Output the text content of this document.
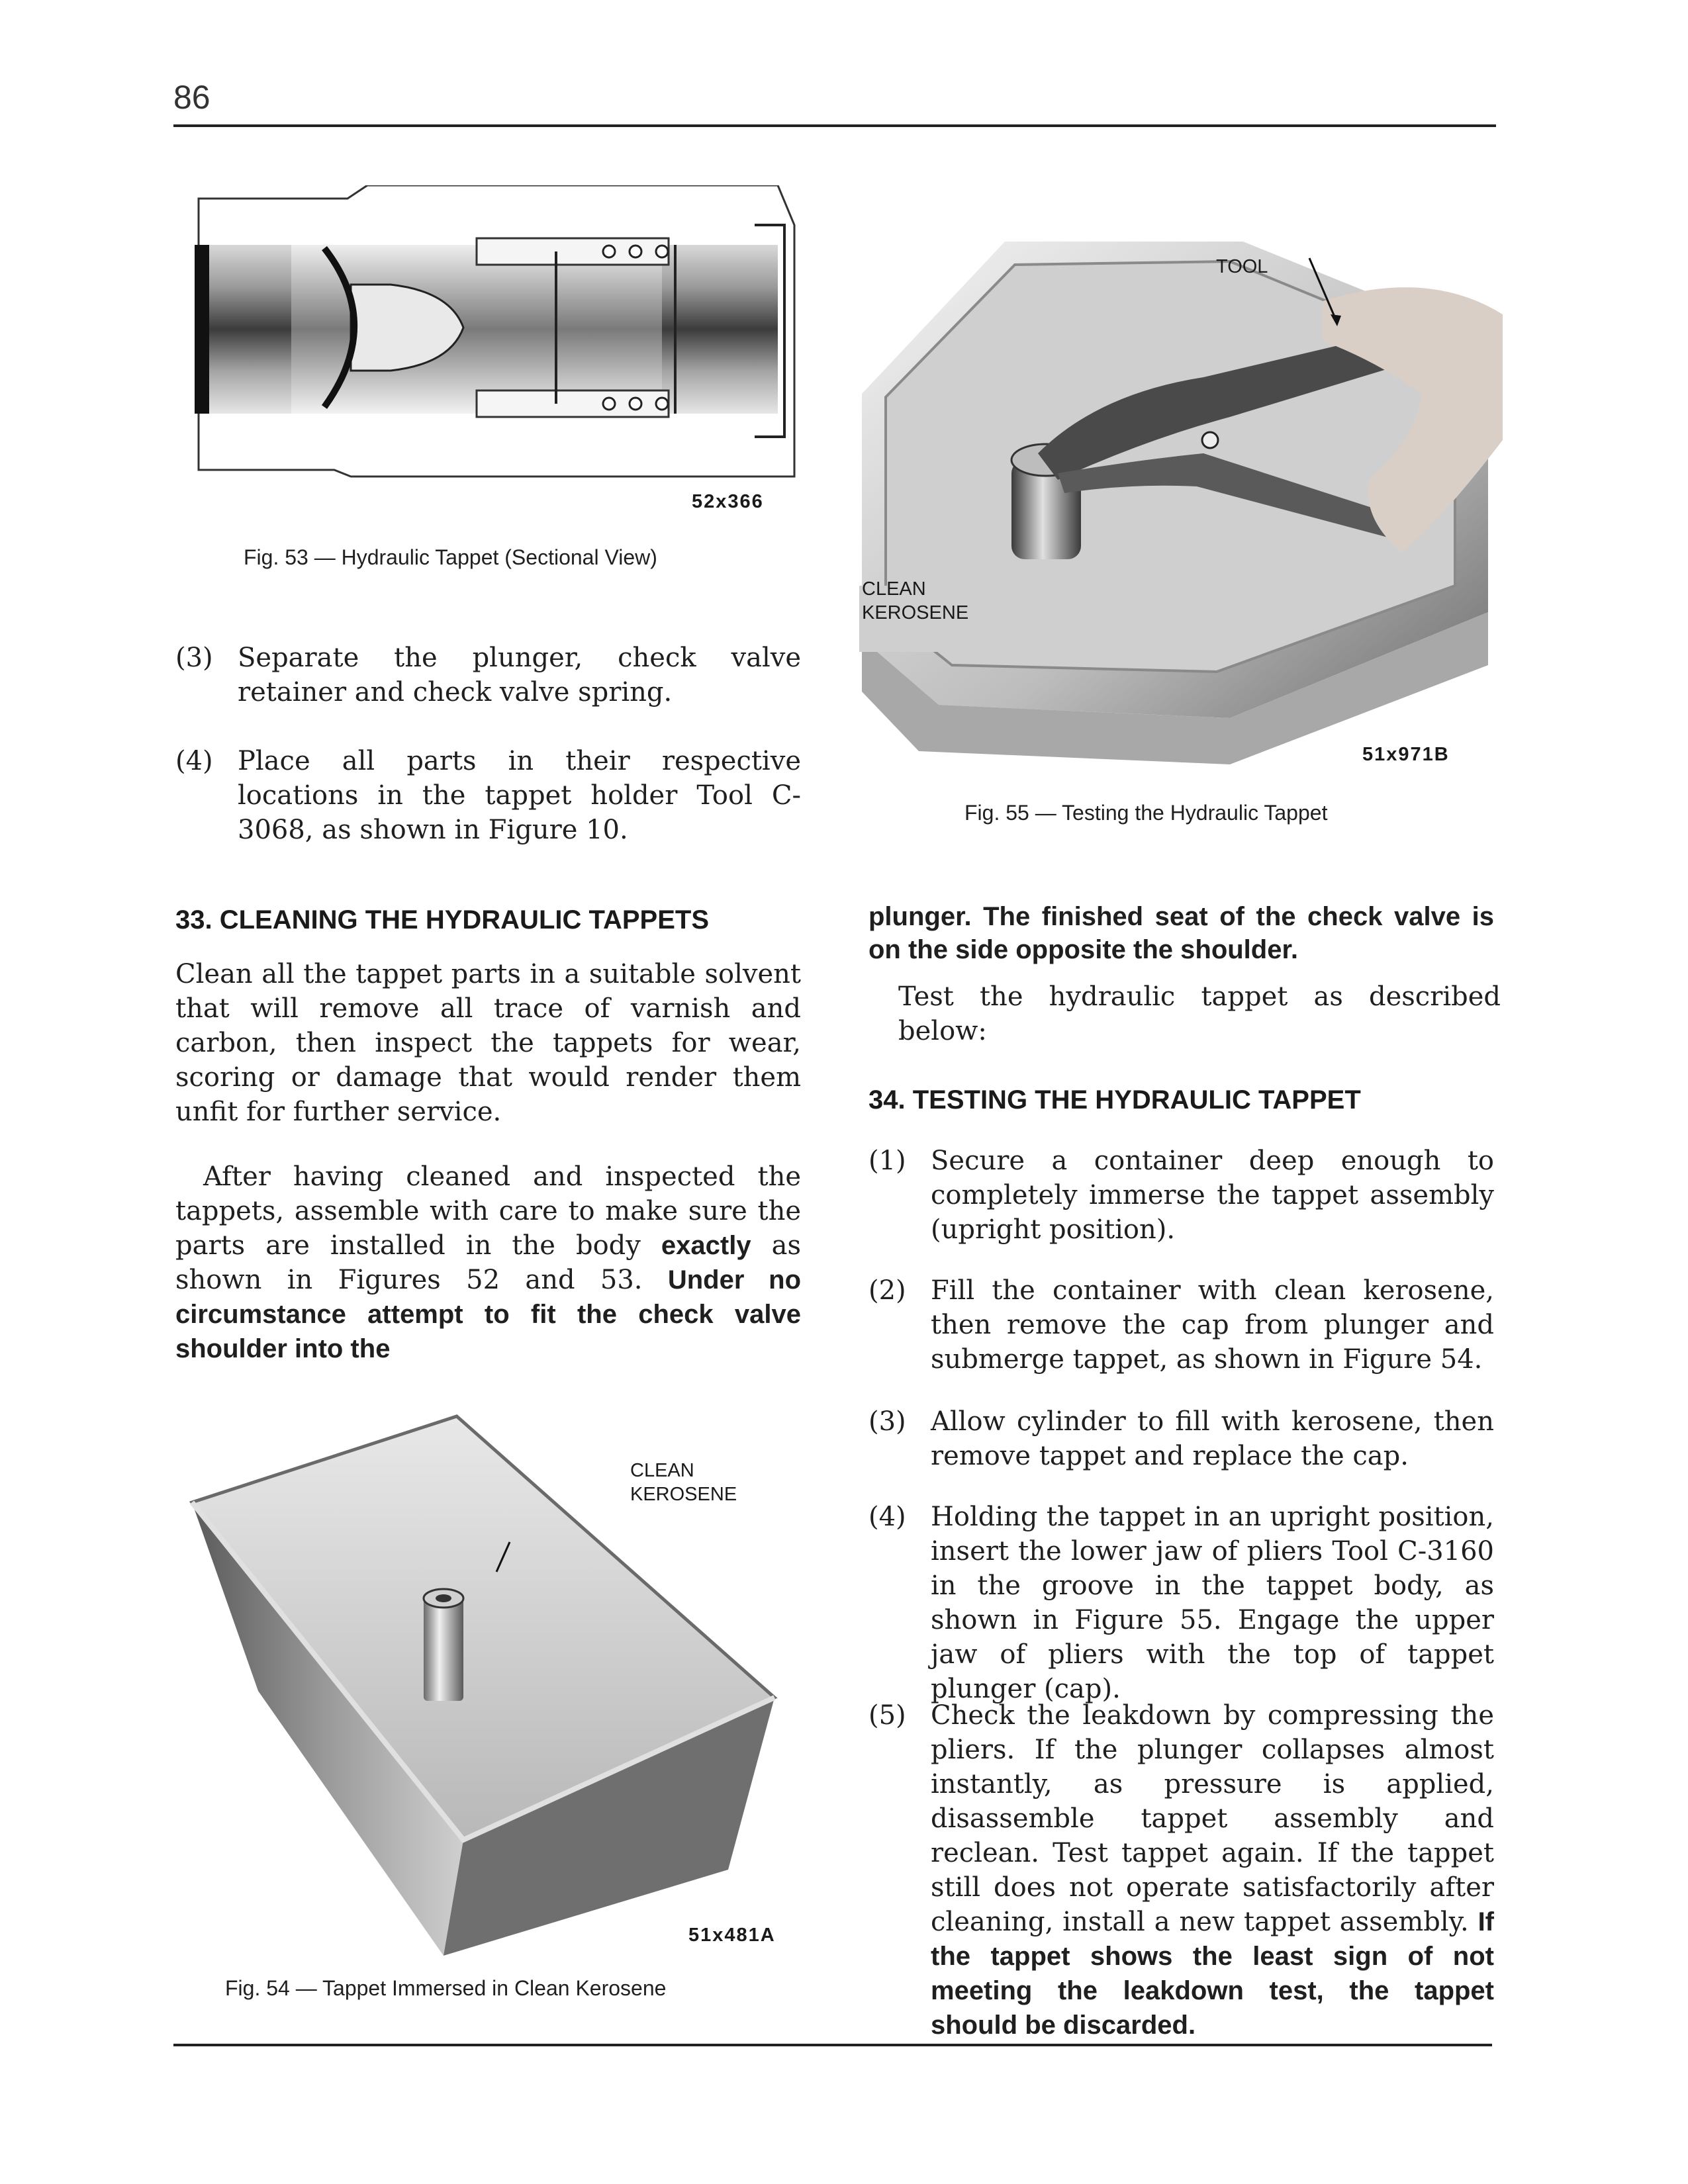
86
52x366
Fig. 53 — Hydraulic Tappet (Sectional View)
(3) Separate the plunger, check valve retainer and check valve spring.
(4) Place all parts in their respective locations in the tappet holder Tool C-3068, as shown in Figure 10.
TOOL
CLEAN
KEROSENE
51x971B
Fig. 55 — Testing the Hydraulic Tappet
33. CLEANING THE HYDRAULIC TAPPETS
Clean all the tappet parts in a suitable solvent that will remove all trace of varnish and carbon, then inspect the tappets for wear, scoring or damage that would render them unfit for further service.
After having cleaned and inspected the tappets, assemble with care to make sure the parts are installed in the body exactly as shown in Figures 52 and 53. Under no circumstance attempt to fit the check valve shoulder into the
plunger. The finished seat of the check valve is on the side opposite the shoulder.
Test the hydraulic tappet as described below:
34. TESTING THE HYDRAULIC TAPPET
(1) Secure a container deep enough to completely immerse the tappet assembly (upright position).
(2) Fill the container with clean kerosene, then remove the cap from plunger and submerge tappet, as shown in Figure 54.
(3) Allow cylinder to fill with kerosene, then remove tappet and replace the cap.
(4) Holding the tappet in an upright position, insert the lower jaw of pliers Tool C-3160 in the groove in the tappet body, as shown in Figure 55. Engage the upper jaw of pliers with the top of tappet plunger (cap).
(5) Check the leakdown by compressing the pliers. If the plunger collapses almost instantly, as pressure is applied, disassemble tappet assembly and reclean. Test tappet again. If the tappet still does not operate satisfactorily after cleaning, install a new tappet assembly. If the tappet shows the least sign of not meeting the leakdown test, the tappet should be discarded.
CLEAN
KEROSENE
51x481A
Fig. 54 — Tappet Immersed in Clean Kerosene
